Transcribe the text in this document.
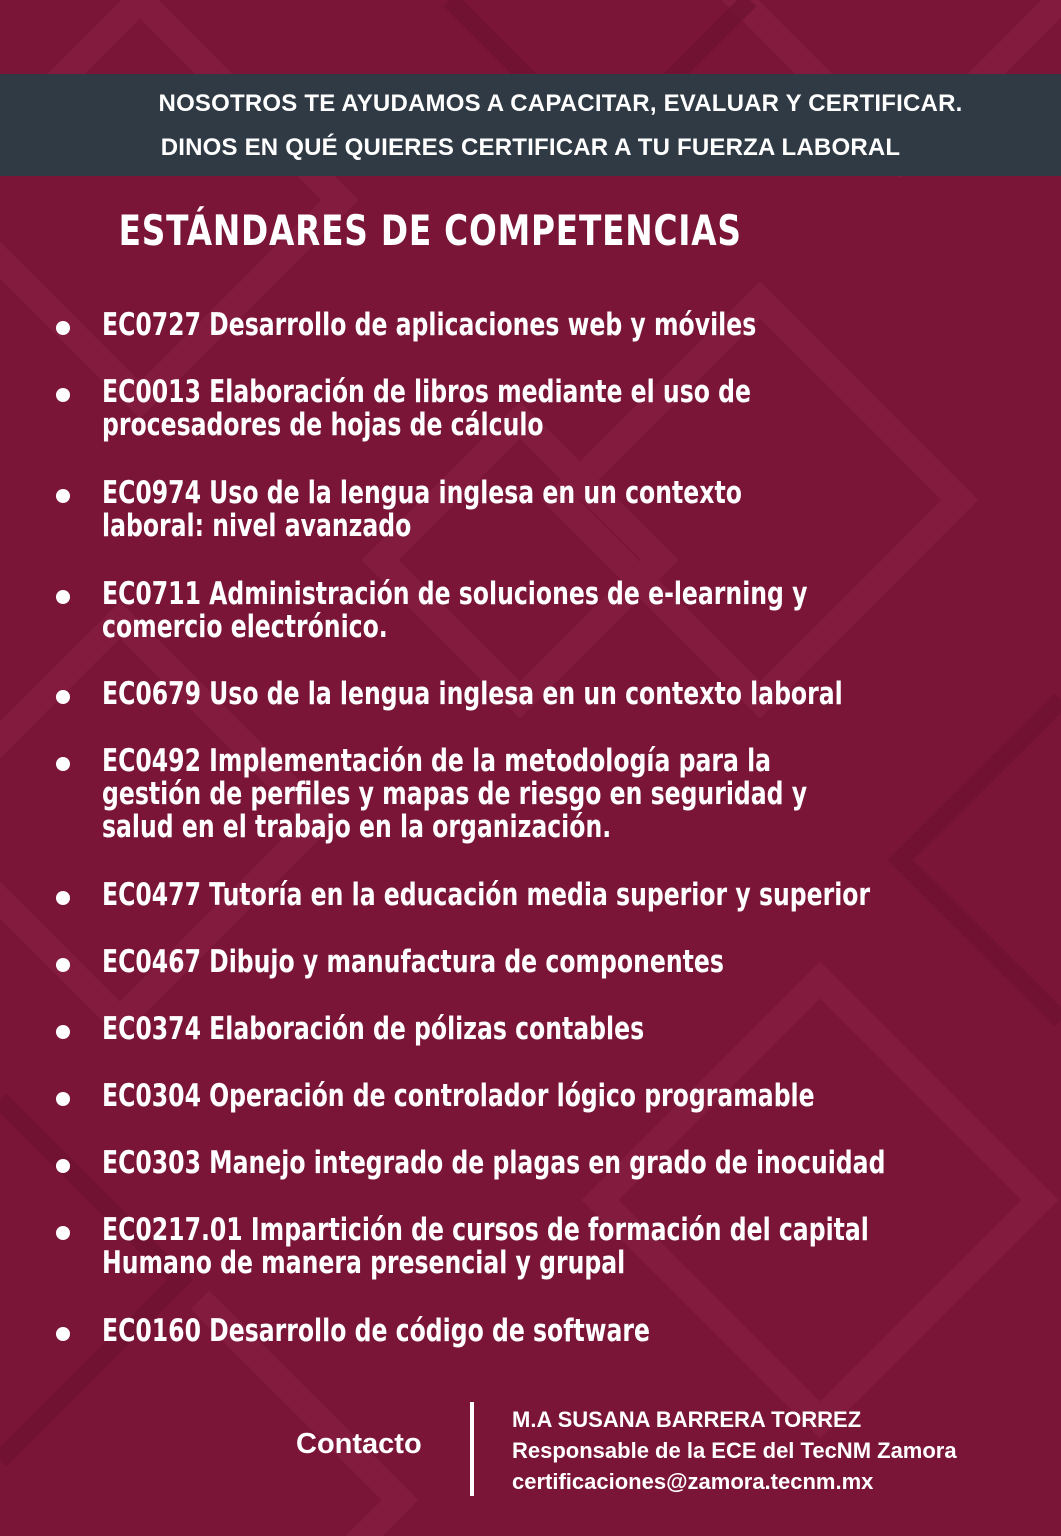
NOSOTROS TE AYUDAMOS A CAPACITAR, EVALUAR Y CERTIFICAR.
DINOS EN QUÉ QUIERES CERTIFICAR A TU FUERZA LABORAL
ESTÁNDARES DE COMPETENCIAS
EC0727 Desarrollo de aplicaciones web y móviles
EC0013 Elaboración de libros mediante el uso de
procesadores de hojas de cálculo
EC0974 Uso de la lengua inglesa en un contexto
laboral: nivel avanzado
EC0711 Administración de soluciones de e-learning y
comercio electrónico.
EC0679 Uso de la lengua inglesa en un contexto laboral
EC0492 Implementación de la metodología para la
gestión de perfiles y mapas de riesgo en seguridad y
salud en el trabajo en la organización.
EC0477 Tutoría en la educación media superior y superior
EC0467 Dibujo y manufactura de componentes
EC0374 Elaboración de pólizas contables
EC0304 Operación de controlador lógico programable
EC0303 Manejo integrado de plagas en grado de inocuidad
EC0217.01 Impartición de cursos de formación del capital
Humano de manera presencial y grupal
EC0160 Desarrollo de código de software
Contacto
M.A SUSANA BARRERA TORREZ
Responsable de la ECE del TecNM Zamora
certificaciones@zamora.tecnm.mx
